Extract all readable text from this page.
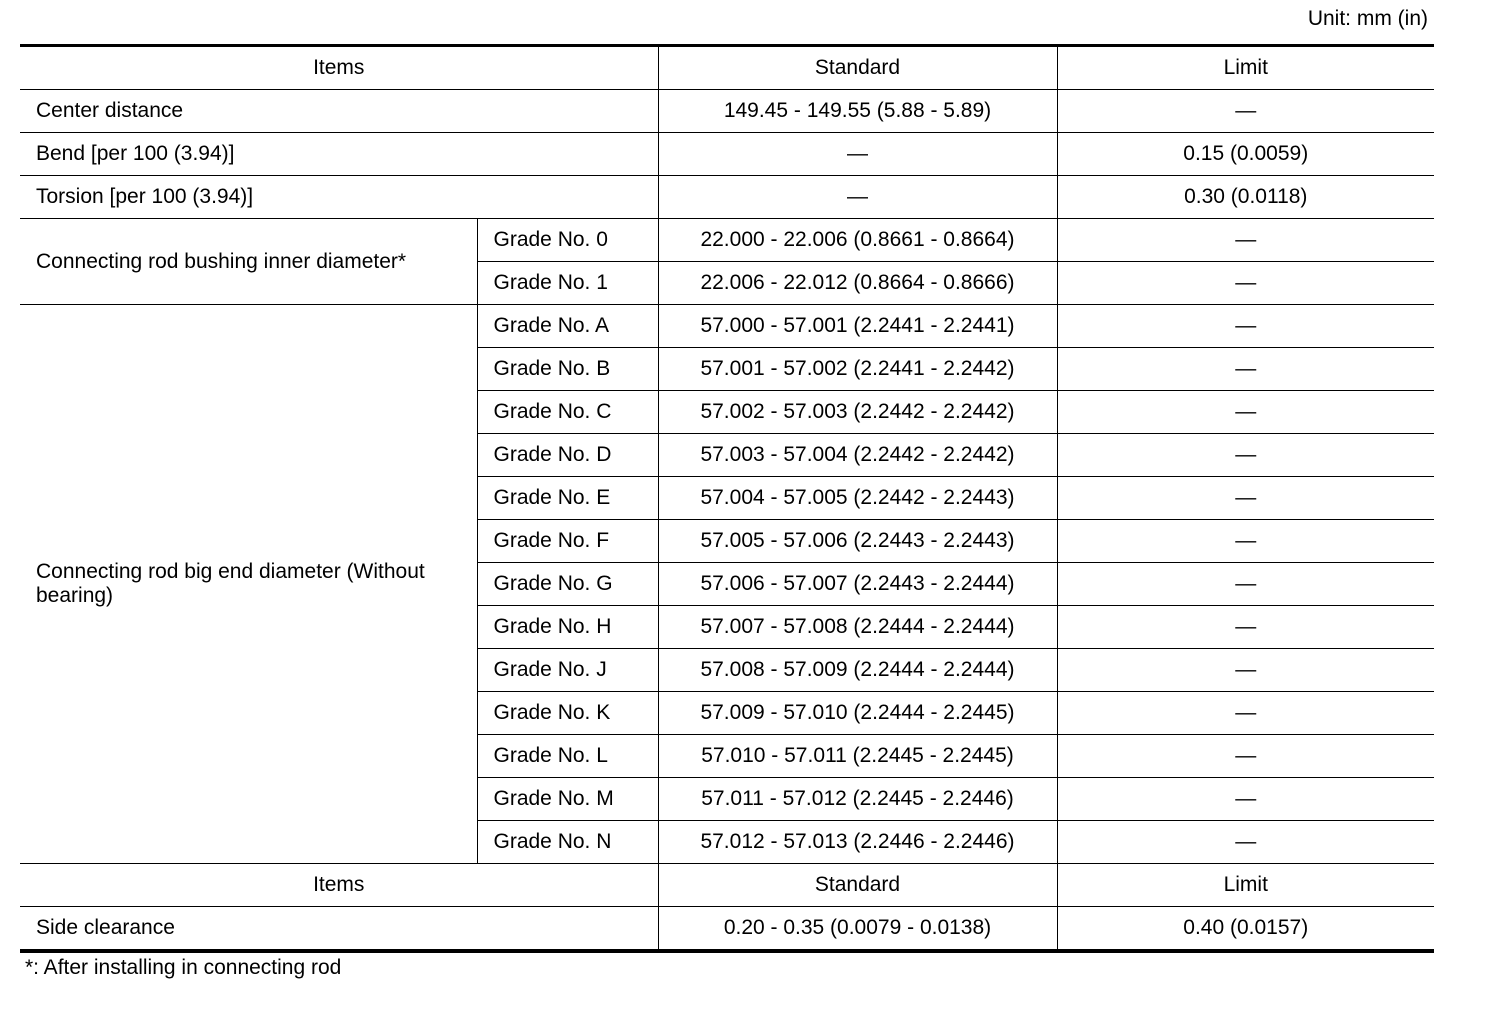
Unit: mm (in)
Items		Standard	Limit
Center distance		149.45 - 149.55 (5.88 - 5.89)	—
Bend [per 100 (3.94)]		—	0.15 (0.0059)
Torsion [per 100 (3.94)]		—	0.30 (0.0118)
Connecting rod bushing inner diameter*	Grade No. 0	22.000 - 22.006 (0.8661 - 0.8664)	—
	Grade No. 1	22.006 - 22.012 (0.8664 - 0.8666)	—
Connecting rod big end diameter (Without bearing)	Grade No. A	57.000 - 57.001 (2.2441 - 2.2441)	—
	Grade No. B	57.001 - 57.002 (2.2441 - 2.2442)	—
	Grade No. C	57.002 - 57.003 (2.2442 - 2.2442)	—
	Grade No. D	57.003 - 57.004 (2.2442 - 2.2442)	—
	Grade No. E	57.004 - 57.005 (2.2442 - 2.2443)	—
	Grade No. F	57.005 - 57.006 (2.2443 - 2.2443)	—
	Grade No. G	57.006 - 57.007 (2.2443 - 2.2444)	—
	Grade No. H	57.007 - 57.008 (2.2444 - 2.2444)	—
	Grade No. J	57.008 - 57.009 (2.2444 - 2.2444)	—
	Grade No. K	57.009 - 57.010 (2.2444 - 2.2445)	—
	Grade No. L	57.010 - 57.011 (2.2445 - 2.2445)	—
	Grade No. M	57.011 - 57.012 (2.2445 - 2.2446)	—
	Grade No. N	57.012 - 57.013 (2.2446 - 2.2446)	—
Items		Standard	Limit
Side clearance		0.20 - 0.35 (0.0079 - 0.0138)	0.40 (0.0157)
*: After installing in connecting rod
